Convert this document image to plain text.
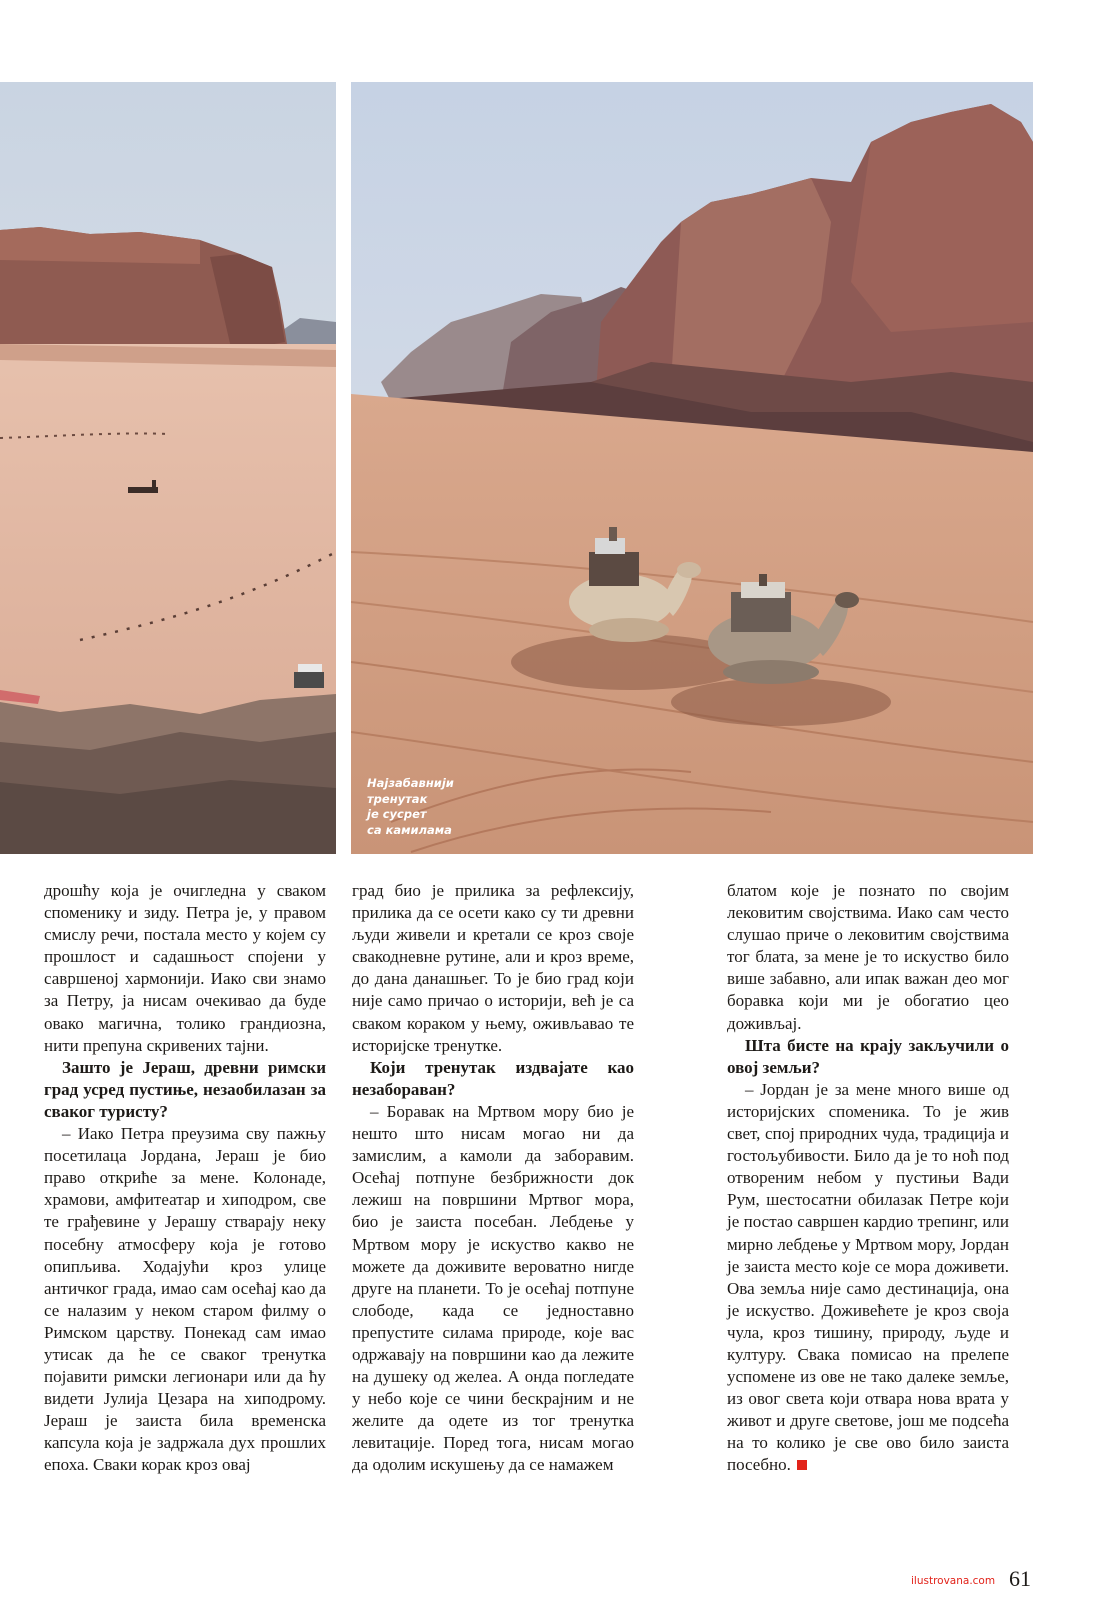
Најзабавнији
тренутак
је сусрет
са камилама

дрошћу која је очигледна у сваком споменику и зиду. Петра је, у правом смислу речи, постала место у којем су прошлост и садашњост спојени у савршеној хармонији. Иако сви знамо за Петру, ја нисам очекивао да буде овако магична, толико грандиозна, нити препуна скривених тајни.

Зашто је Јераш, древни римски град усред пустиње, незаобилазан за сваког туристу?

– Иако Петра преузима сву пажњу посетилаца Јордана, Јераш је био право откриће за мене. Колонаде, храмови, амфитеатар и хиподром, све те грађевине у Јерашу стварају неку посебну атмосферу која је готово опипљива. Ходајући кроз улице античког града, имао сам осећај као да се налазим у неком старом филму о Римском царству. Понекад сам имао утисак да ће се сваког тренутка појавити римски легионари или да ћу видети Јулија Цезара на хиподрому. Јераш је заиста била временска капсула која је задржала дух прошлих епоха. Сваки корак кроз овај

град био је прилика за рефлексију, прилика да се осети како су ти древни људи живели и кретали се кроз своје свакодневне рутине, али и кроз време, до дана данашњег. То је био град који није само причао о историји, већ је са сваком кораком у њему, оживљавао те историјске тренутке.

Који тренутак издвајате као незабораван?

– Боравак на Мртвом мору био је нешто што нисам могао ни да замислим, а камоли да заборавим. Осећај потпуне безбрижности док лежиш на површини Мртвог мора, био је заиста посебан. Лебдење у Мртвом мору је искуство какво не можете да доживите вероватно нигде друге на планети. То је осећај потпуне слободе, када се једноставно препустите силама природе, које вас одржавају на површини као да лежите на душеку од желеа. А онда погледате у небо које се чини бескрајним и не желите да одете из тог тренутка левитације. Поред тога, нисам могао да одолим искушењу да се намажем

блатом које је познато по својим лековитим својствима. Иако сам често слушао приче о лековитим својствима тог блата, за мене је то искуство било више забавно, али ипак важан део мог боравка који ми је обогатио цео доживљај.

Шта бисте на крају закључили о овој земљи?

– Јордан је за мене много више од историјских споменика. То је жив свет, спој природних чуда, традиција и гостољубивости. Било да је то ноћ под отвореним небом у пустињи Вади Рум, шестосатни обилазак Петре који је постао савршен кардио трепинг, или мирно лебдење у Мртвом мору, Јордан је заиста место које се мора доживети. Ова земља није само дестинација, она је искуство. Доживећете је кроз своја чула, кроз тишину, природу, људе и културу. Свака помисао на прелепе успомене из ове не тако далеке земље, из овог света који отвара нова врата у живот и друге светове, још ме подсећа на то колико је све ово било заиста посебно.

ilustrovana.com 61
